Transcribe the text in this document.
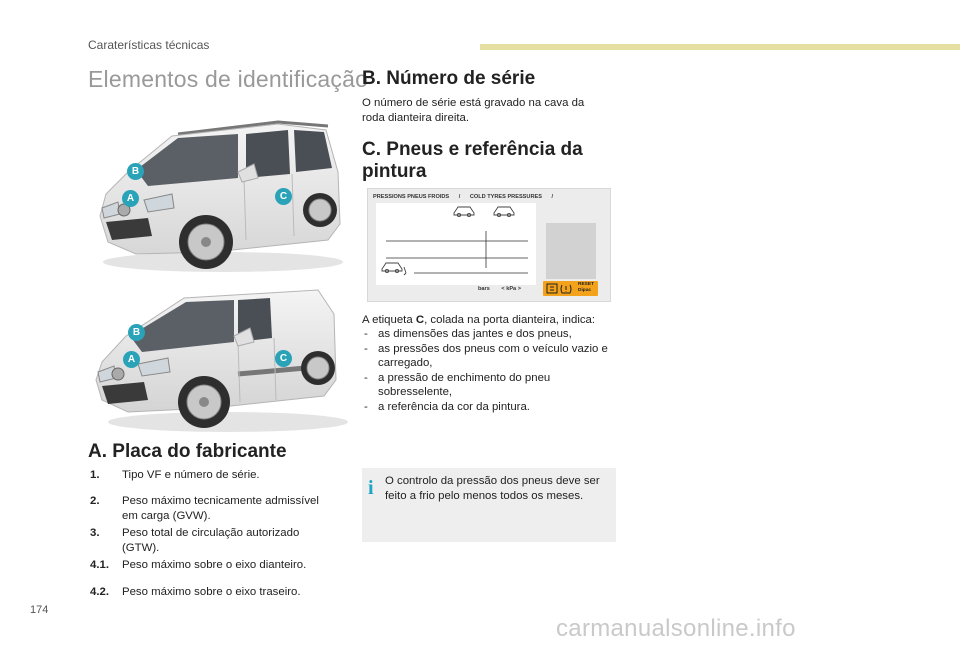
Caraterísticas técnicas
Elementos de identificação
B
A	C
B
A	C
A. Placa do fabricante
1. Tipo VF e número de série.
2. Peso máximo tecnicamente admissível em carga (GVW).
3. Peso total de circulação autorizado (GTW).
4.1. Peso máximo sobre o eixo dianteiro.
4.2. Peso máximo sobre o eixo traseiro.
B. Número de série
O número de série está gravado na cava da roda dianteira direita.
C. Pneus e referência da
pintura
PRESSIONS PNEUS FROIDS / COLD TYRES PRESSURES /
bars < kPa >
RESET
Dipac
A etiqueta C, colada na porta dianteira, indica:
- as dimensões das jantes e dos pneus,
- as pressões dos pneus com o veículo vazio e carregado,
- a pressão de enchimento do pneu sobresselente,
- a referência da cor da pintura.
i O controlo da pressão dos pneus deve ser feito a frio pelo menos todos os meses.
174
carmanualsonline.info
